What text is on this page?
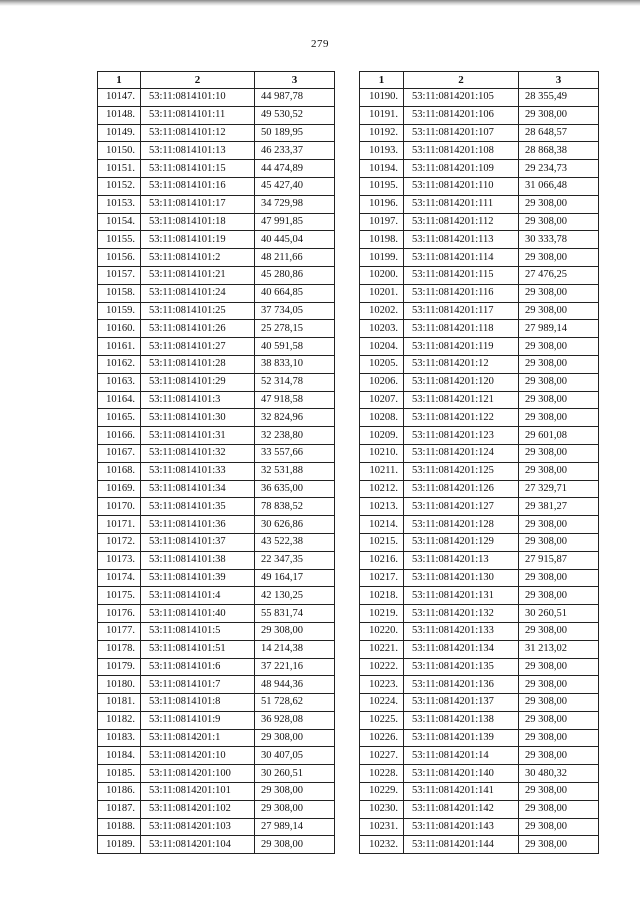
279
1	2	3
10147.	53:11:0814101:10	44 987,78
10148.	53:11:0814101:11	49 530,52
10149.	53:11:0814101:12	50 189,95
10150.	53:11:0814101:13	46 233,37
10151.	53:11:0814101:15	44 474,89
10152.	53:11:0814101:16	45 427,40
10153.	53:11:0814101:17	34 729,98
10154.	53:11:0814101:18	47 991,85
10155.	53:11:0814101:19	40 445,04
10156.	53:11:0814101:2	48 211,66
10157.	53:11:0814101:21	45 280,86
10158.	53:11:0814101:24	40 664,85
10159.	53:11:0814101:25	37 734,05
10160.	53:11:0814101:26	25 278,15
10161.	53:11:0814101:27	40 591,58
10162.	53:11:0814101:28	38 833,10
10163.	53:11:0814101:29	52 314,78
10164.	53:11:0814101:3	47 918,58
10165.	53:11:0814101:30	32 824,96
10166.	53:11:0814101:31	32 238,80
10167.	53:11:0814101:32	33 557,66
10168.	53:11:0814101:33	32 531,88
10169.	53:11:0814101:34	36 635,00
10170.	53:11:0814101:35	78 838,52
10171.	53:11:0814101:36	30 626,86
10172.	53:11:0814101:37	43 522,38
10173.	53:11:0814101:38	22 347,35
10174.	53:11:0814101:39	49 164,17
10175.	53:11:0814101:4	42 130,25
10176.	53:11:0814101:40	55 831,74
10177.	53:11:0814101:5	29 308,00
10178.	53:11:0814101:51	14 214,38
10179.	53:11:0814101:6	37 221,16
10180.	53:11:0814101:7	48 944,36
10181.	53:11:0814101:8	51 728,62
10182.	53:11:0814101:9	36 928,08
10183.	53:11:0814201:1	29 308,00
10184.	53:11:0814201:10	30 407,05
10185.	53:11:0814201:100	30 260,51
10186.	53:11:0814201:101	29 308,00
10187.	53:11:0814201:102	29 308,00
10188.	53:11:0814201:103	27 989,14
10189.	53:11:0814201:104	29 308,00
1	2	3
10190.	53:11:0814201:105	28 355,49
10191.	53:11:0814201:106	29 308,00
10192.	53:11:0814201:107	28 648,57
10193.	53:11:0814201:108	28 868,38
10194.	53:11:0814201:109	29 234,73
10195.	53:11:0814201:110	31 066,48
10196.	53:11:0814201:111	29 308,00
10197.	53:11:0814201:112	29 308,00
10198.	53:11:0814201:113	30 333,78
10199.	53:11:0814201:114	29 308,00
10200.	53:11:0814201:115	27 476,25
10201.	53:11:0814201:116	29 308,00
10202.	53:11:0814201:117	29 308,00
10203.	53:11:0814201:118	27 989,14
10204.	53:11:0814201:119	29 308,00
10205.	53:11:0814201:12	29 308,00
10206.	53:11:0814201:120	29 308,00
10207.	53:11:0814201:121	29 308,00
10208.	53:11:0814201:122	29 308,00
10209.	53:11:0814201:123	29 601,08
10210.	53:11:0814201:124	29 308,00
10211.	53:11:0814201:125	29 308,00
10212.	53:11:0814201:126	27 329,71
10213.	53:11:0814201:127	29 381,27
10214.	53:11:0814201:128	29 308,00
10215.	53:11:0814201:129	29 308,00
10216.	53:11:0814201:13	27 915,87
10217.	53:11:0814201:130	29 308,00
10218.	53:11:0814201:131	29 308,00
10219.	53:11:0814201:132	30 260,51
10220.	53:11:0814201:133	29 308,00
10221.	53:11:0814201:134	31 213,02
10222.	53:11:0814201:135	29 308,00
10223.	53:11:0814201:136	29 308,00
10224.	53:11:0814201:137	29 308,00
10225.	53:11:0814201:138	29 308,00
10226.	53:11:0814201:139	29 308,00
10227.	53:11:0814201:14	29 308,00
10228.	53:11:0814201:140	30 480,32
10229.	53:11:0814201:141	29 308,00
10230.	53:11:0814201:142	29 308,00
10231.	53:11:0814201:143	29 308,00
10232.	53:11:0814201:144	29 308,00
